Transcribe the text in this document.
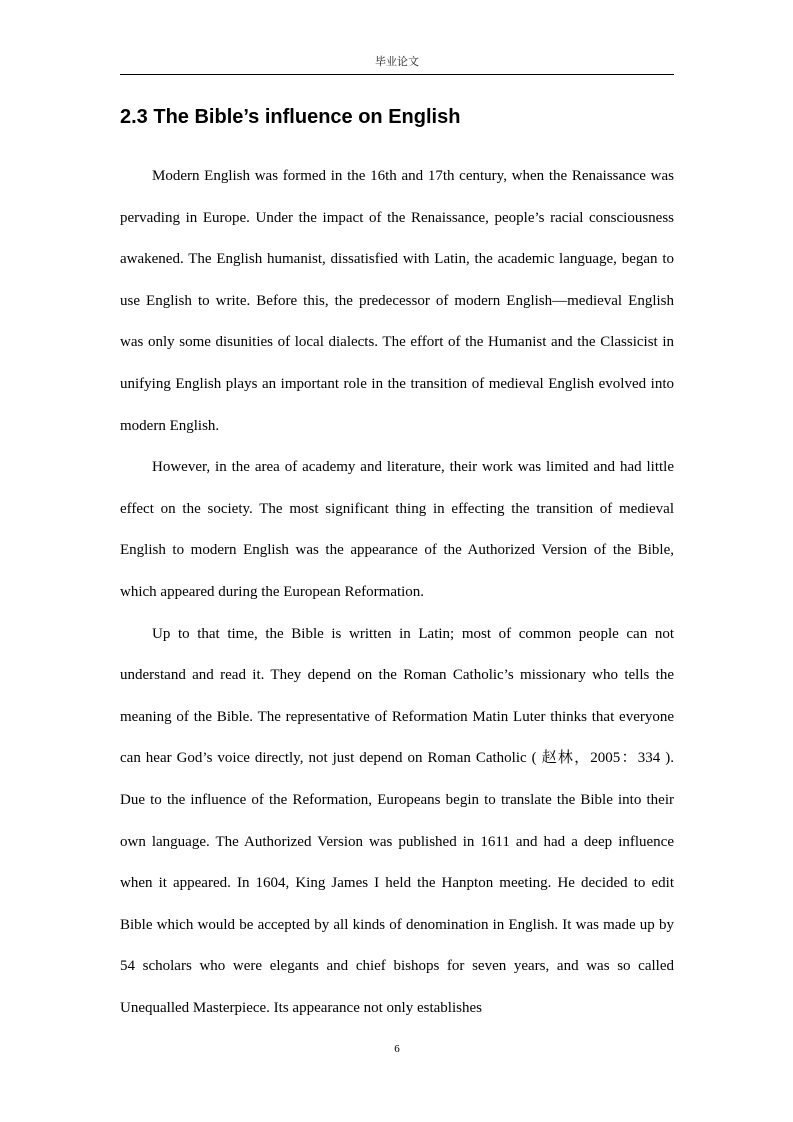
毕业论文
2.3 The Bible’s influence on English

Modern English was formed in the 16th and 17th century, when the Renaissance was pervading in Europe. Under the impact of the Renaissance, people’s racial consciousness awakened. The English humanist, dissatisfied with Latin, the academic language, began to use English to write. Before this, the predecessor of modern English—medieval English was only some disunities of local dialects. The effort of the Humanist and the Classicist in unifying English plays an important role in the transition of medieval English evolved into modern English.

However, in the area of academy and literature, their work was limited and had little effect on the society. The most significant thing in effecting the transition of medieval English to modern English was the appearance of the Authorized Version of the Bible, which appeared during the European Reformation.

Up to that time, the Bible is written in Latin; most of common people can not understand and read it. They depend on the Roman Catholic’s missionary who tells the meaning of the Bible. The representative of Reformation Matin Luter thinks that everyone can hear God’s voice directly, not just depend on Roman Catholic ( 赵林，2005：334 ). Due to the influence of the Reformation, Europeans begin to translate the Bible into their own language. The Authorized Version was published in 1611 and had a deep influence when it appeared. In 1604, King James I held the Hanpton meeting. He decided to edit Bible which would be accepted by all kinds of denomination in English. It was made up by 54 scholars who were elegants and chief bishops for seven years, and was so called Unequalled Masterpiece. Its appearance not only establishes

6
